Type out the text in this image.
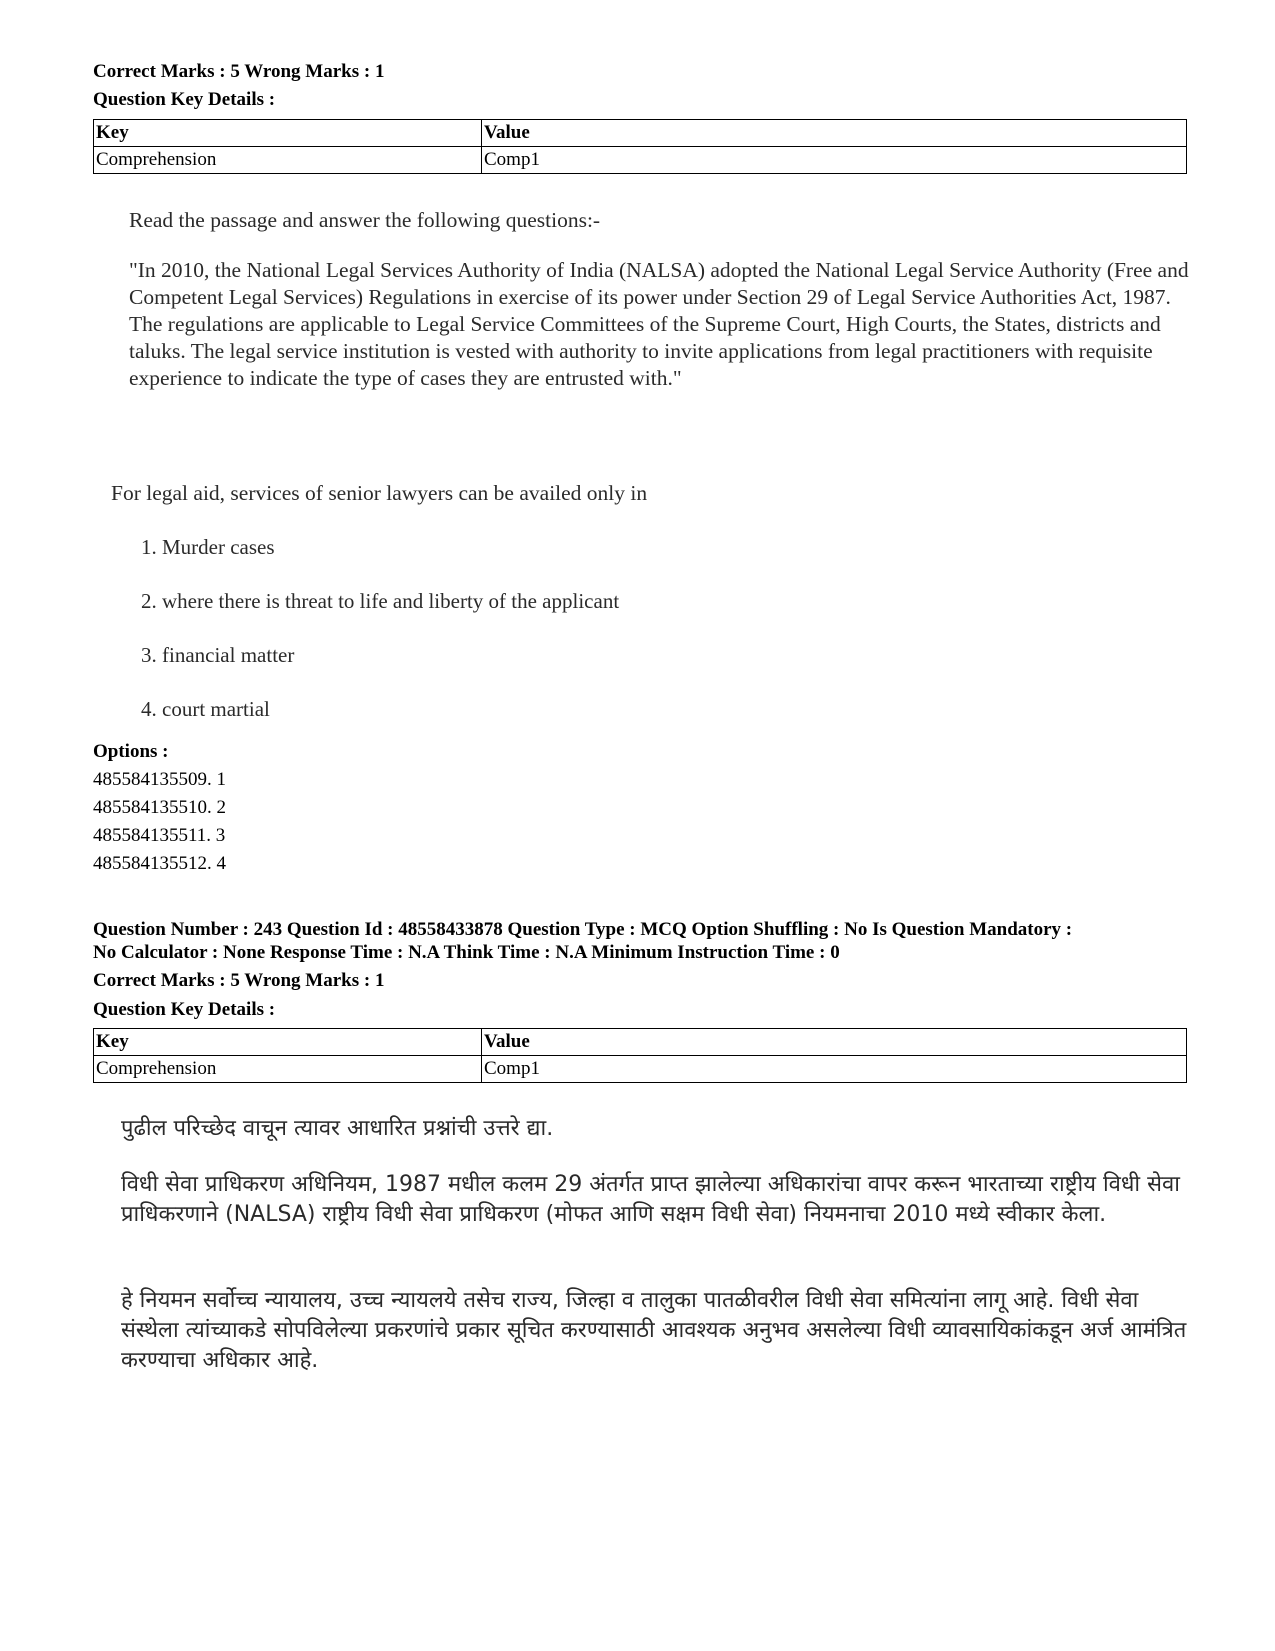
Correct Marks : 5 Wrong Marks : 1
Question Key Details :
Key	Value
Comprehension	Comp1
Read the passage and answer the following questions:-
"In 2010, the National Legal Services Authority of India (NALSA) adopted the National Legal Service Authority (Free and Competent Legal Services) Regulations in exercise of its power under Section 29 of Legal Service Authorities Act, 1987. The regulations are applicable to Legal Service Committees of the Supreme Court, High Courts, the States, districts and taluks. The legal service institution is vested with authority to invite applications from legal practitioners with requisite experience to indicate the type of cases they are entrusted with."
For legal aid, services of senior lawyers can be availed only in
1. Murder cases
2. where there is threat to life and liberty of the applicant
3. financial matter
4. court martial
Options :
485584135509. 1
485584135510. 2
485584135511. 3
485584135512. 4
Question Number : 243 Question Id : 48558433878 Question Type : MCQ Option Shuffling : No Is Question Mandatory :
No Calculator : None Response Time : N.A Think Time : N.A Minimum Instruction Time : 0
Correct Marks : 5 Wrong Marks : 1
Question Key Details :
Key	Value
Comprehension	Comp1
पुढील परिच्छेद वाचून त्यावर आधारित प्रश्नांची उत्तरे द्या.
विधी सेवा प्राधिकरण अधिनियम, 1987 मधील कलम 29 अंतर्गत प्राप्त झालेल्या अधिकारांचा वापर करून भारताच्या राष्ट्रीय विधी सेवा प्राधिकरणाने (NALSA) राष्ट्रीय विधी सेवा प्राधिकरण (मोफत आणि सक्षम विधी सेवा) नियमनाचा 2010 मध्ये स्वीकार केला.
हे नियमन सर्वोच्च न्यायालय, उच्च न्यायलये तसेच राज्य, जिल्हा व तालुका पातळीवरील विधी सेवा समित्यांना लागू आहे. विधी सेवा संस्थेला त्यांच्याकडे सोपविलेल्या प्रकरणांचे प्रकार सूचित करण्यासाठी आवश्यक अनुभव असलेल्या विधी व्यावसायिकांकडून अर्ज आमंत्रित करण्याचा अधिकार आहे.
